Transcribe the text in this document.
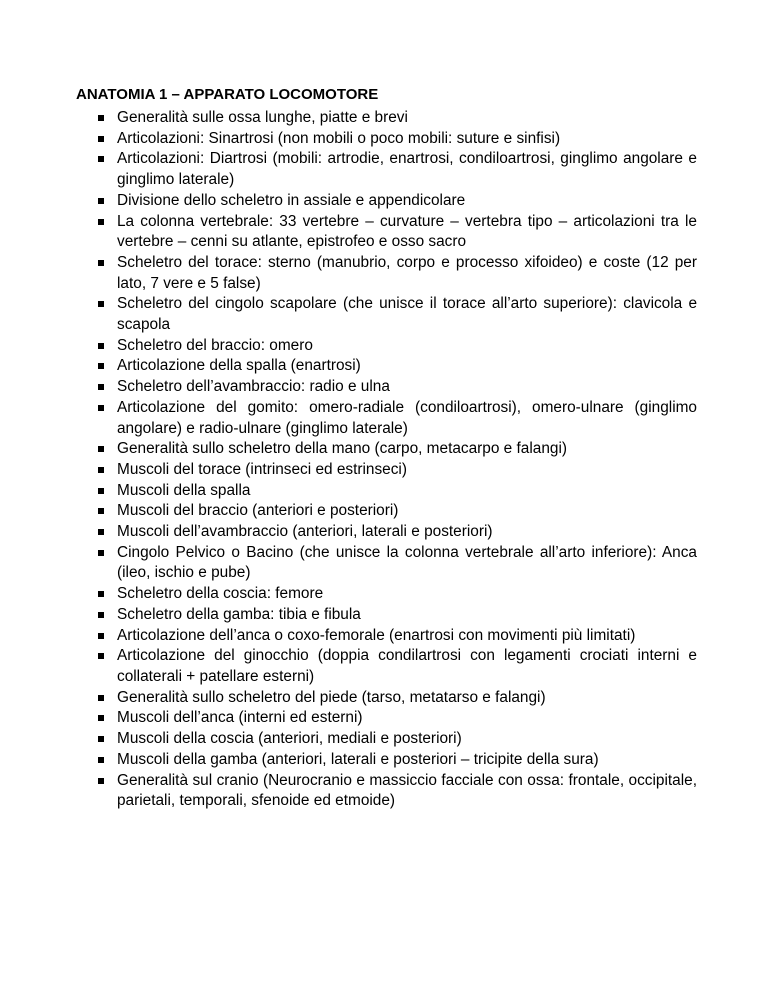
ANATOMIA 1 – APPARATO LOCOMOTORE
Generalità sulle ossa lunghe, piatte e brevi
Articolazioni: Sinartrosi (non mobili o poco mobili: suture e sinfisi)
Articolazioni: Diartrosi (mobili: artrodie, enartrosi, condiloartrosi, ginglimo angolare e ginglimo laterale)
Divisione dello scheletro in assiale e appendicolare
La colonna vertebrale: 33 vertebre – curvature – vertebra tipo – articolazioni tra le vertebre – cenni su atlante, epistrofeo e osso sacro
Scheletro del torace: sterno (manubrio, corpo e processo xifoideo) e coste (12 per lato, 7 vere e 5 false)
Scheletro del cingolo scapolare (che unisce il torace all’arto superiore): clavicola e scapola
Scheletro del braccio: omero
Articolazione della spalla (enartrosi)
Scheletro dell’avambraccio: radio e ulna
Articolazione del gomito: omero-radiale (condiloartrosi), omero-ulnare (ginglimo angolare) e radio-ulnare (ginglimo laterale)
Generalità sullo scheletro della mano (carpo, metacarpo e falangi)
Muscoli del torace (intrinseci ed estrinseci)
Muscoli della spalla
Muscoli del braccio (anteriori e posteriori)
Muscoli dell’avambraccio (anteriori, laterali e posteriori)
Cingolo Pelvico o Bacino (che unisce la colonna vertebrale all’arto inferiore): Anca (ileo, ischio e pube)
Scheletro della coscia: femore
Scheletro della gamba: tibia e fibula
Articolazione dell’anca o coxo-femorale (enartrosi con movimenti più limitati)
Articolazione del ginocchio (doppia condilartrosi con legamenti crociati interni e collaterali + patellare esterni)
Generalità sullo scheletro del piede (tarso, metatarso e falangi)
Muscoli dell’anca (interni ed esterni)
Muscoli della coscia (anteriori, mediali e posteriori)
Muscoli della gamba (anteriori, laterali e posteriori – tricipite della sura)
Generalità sul cranio (Neurocranio e massiccio facciale con ossa: frontale, occipitale, parietali, temporali, sfenoide ed etmoide)
